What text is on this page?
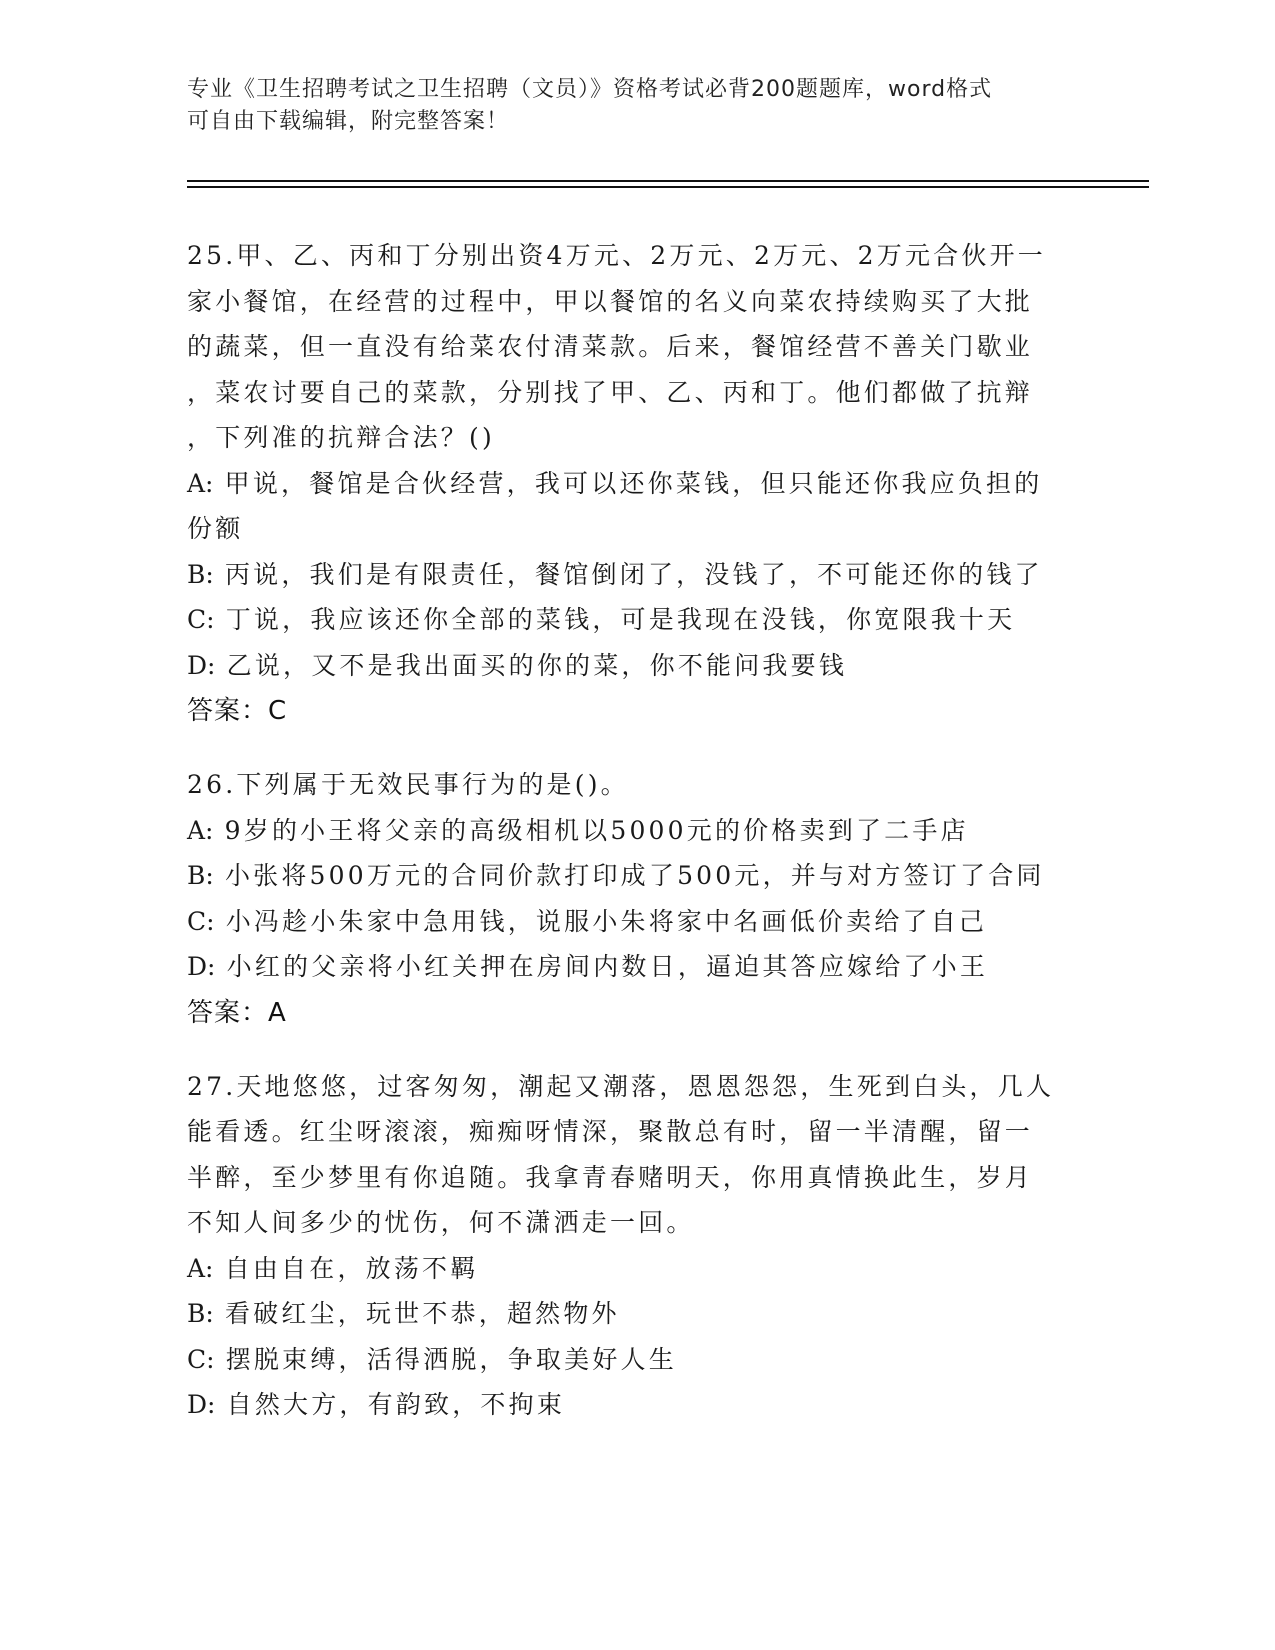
专业《卫生招聘考试之卫生招聘（文员）》资格考试必背200题题库，word格式
可自由下载编辑，附完整答案！
25.甲、乙、丙和丁分别出资4万元、2万元、2万元、2万元合伙开一
家小餐馆，在经营的过程中，甲以餐馆的名义向菜农持续购买了大批
的蔬菜，但一直没有给菜农付清菜款。后来，餐馆经营不善关门歇业
，菜农讨要自己的菜款，分别找了甲、乙、丙和丁。他们都做了抗辩
，下列准的抗辩合法？()
A: 甲说，餐馆是合伙经营，我可以还你菜钱，但只能还你我应负担的
份额
B: 丙说，我们是有限责任，餐馆倒闭了，没钱了，不可能还你的钱了
C: 丁说，我应该还你全部的菜钱，可是我现在没钱，你宽限我十天
D: 乙说，又不是我出面买的你的菜，你不能问我要钱
答案：C
26.下列属于无效民事行为的是()。
A: 9岁的小王将父亲的高级相机以5000元的价格卖到了二手店
B: 小张将500万元的合同价款打印成了500元，并与对方签订了合同
C: 小冯趁小朱家中急用钱，说服小朱将家中名画低价卖给了自己
D: 小红的父亲将小红关押在房间内数日，逼迫其答应嫁给了小王
答案：A
27.天地悠悠，过客匆匆，潮起又潮落，恩恩怨怨，生死到白头，几人
能看透。红尘呀滚滚，痴痴呀情深，聚散总有时，留一半清醒，留一
半醉，至少梦里有你追随。我拿青春赌明天，你用真情换此生，岁月
不知人间多少的忧伤，何不潇洒走一回。
A: 自由自在，放荡不羁
B: 看破红尘，玩世不恭，超然物外
C: 摆脱束缚，活得洒脱，争取美好人生
D: 自然大方，有韵致，不拘束
